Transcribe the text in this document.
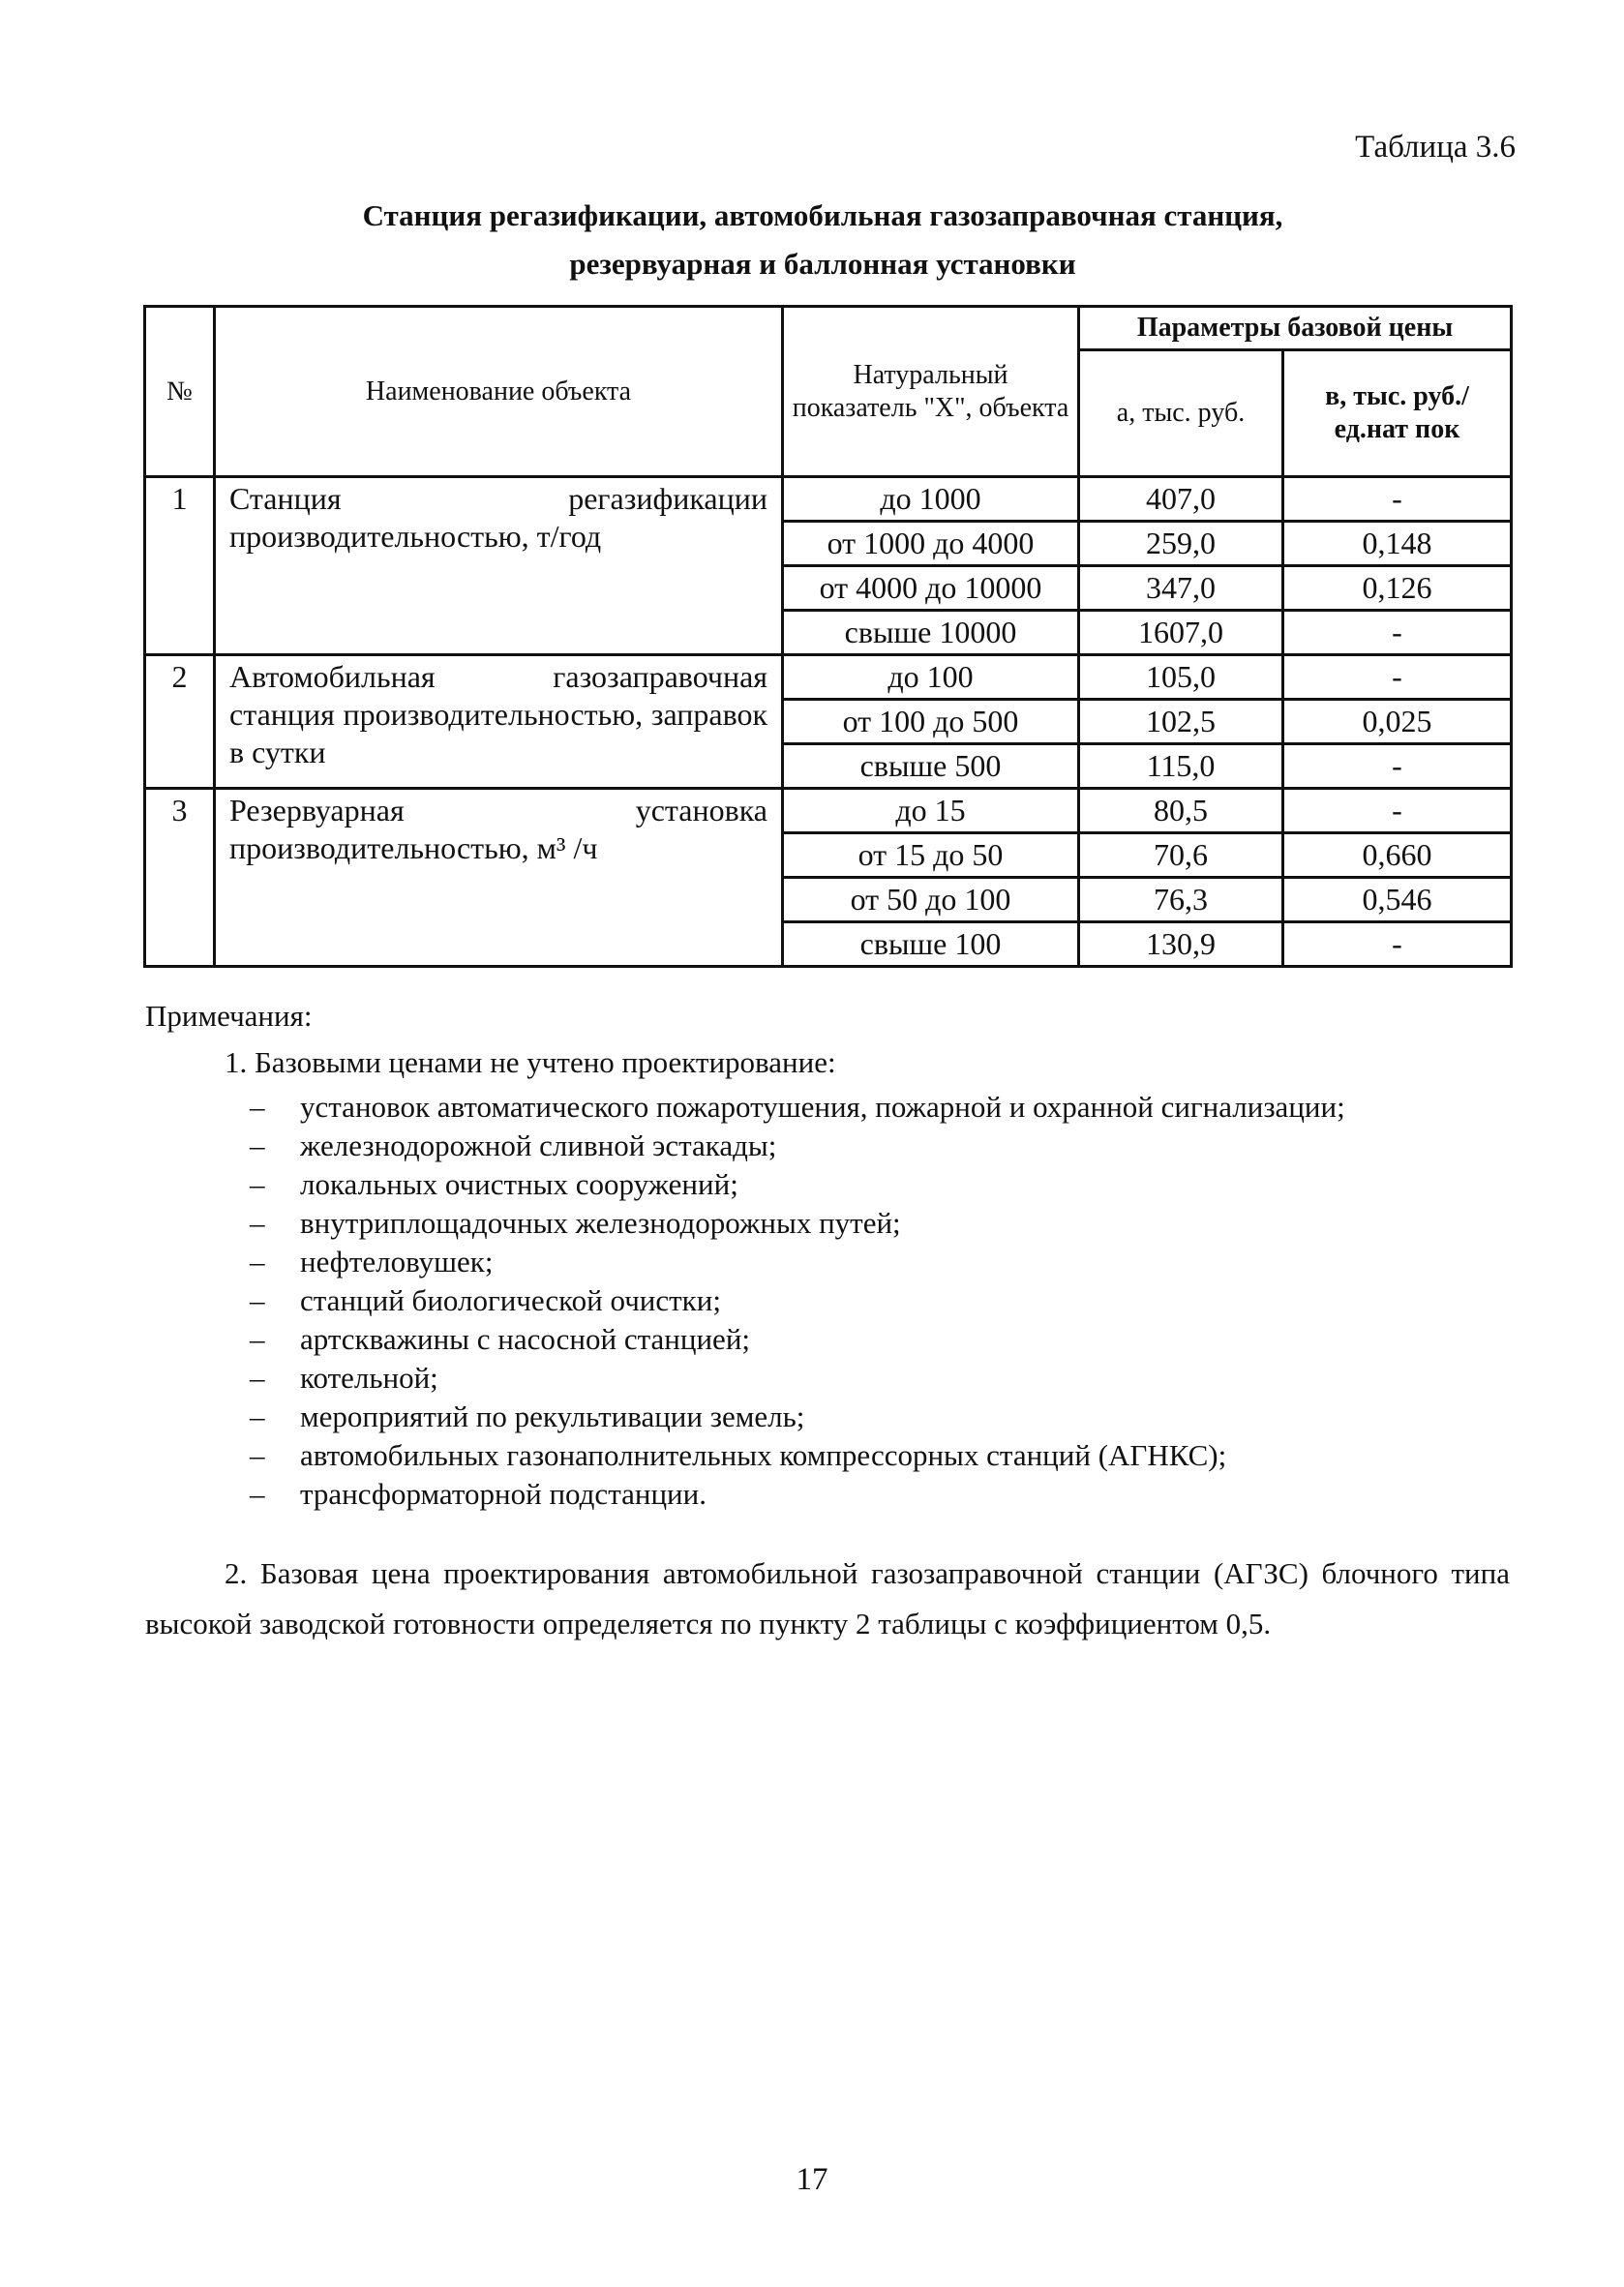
Таблица 3.6
Станция регазификации, автомобильная газозаправочная станция,
резервуарная и баллонная установки
№	Наименование объекта	Натуральный показатель "Х", объекта	Параметры базовой цены	
			а, тыс. руб.	в, тыс. руб./ ед.нат пок
1	Станция регазификации производительностью, т/год	до 1000	407,0	-
		от 1000 до 4000	259,0	0,148
		от 4000 до 10000	347,0	0,126
		свыше 10000	1607,0	-
2	Автомобильная газозаправочная станция производительностью, заправок в сутки	до 100	105,0	-
		от 100 до 500	102,5	0,025
		свыше 500	115,0	-
3	Резервуарная установка производительностью, м³ /ч	до 15	80,5	-
		от 15 до 50	70,6	0,660
		от 50 до 100	76,3	0,546
		свыше 100	130,9	-
Примечания:
1. Базовыми ценами не учтено проектирование:
– установок автоматического пожаротушения, пожарной и охранной сигнализации;
– железнодорожной сливной эстакады;
– локальных очистных сооружений;
– внутриплощадочных железнодорожных путей;
– нефтеловушек;
– станций биологической очистки;
– артскважины с насосной станцией;
– котельной;
– мероприятий по рекультивации земель;
– автомобильных газонаполнительных компрессорных станций (АГНКС);
– трансформаторной подстанции.
2. Базовая цена проектирования автомобильной газозаправочной станции (АГЗС) блочного типа высокой заводской готовности определяется по пункту 2 таблицы с коэффициентом 0,5.
17
